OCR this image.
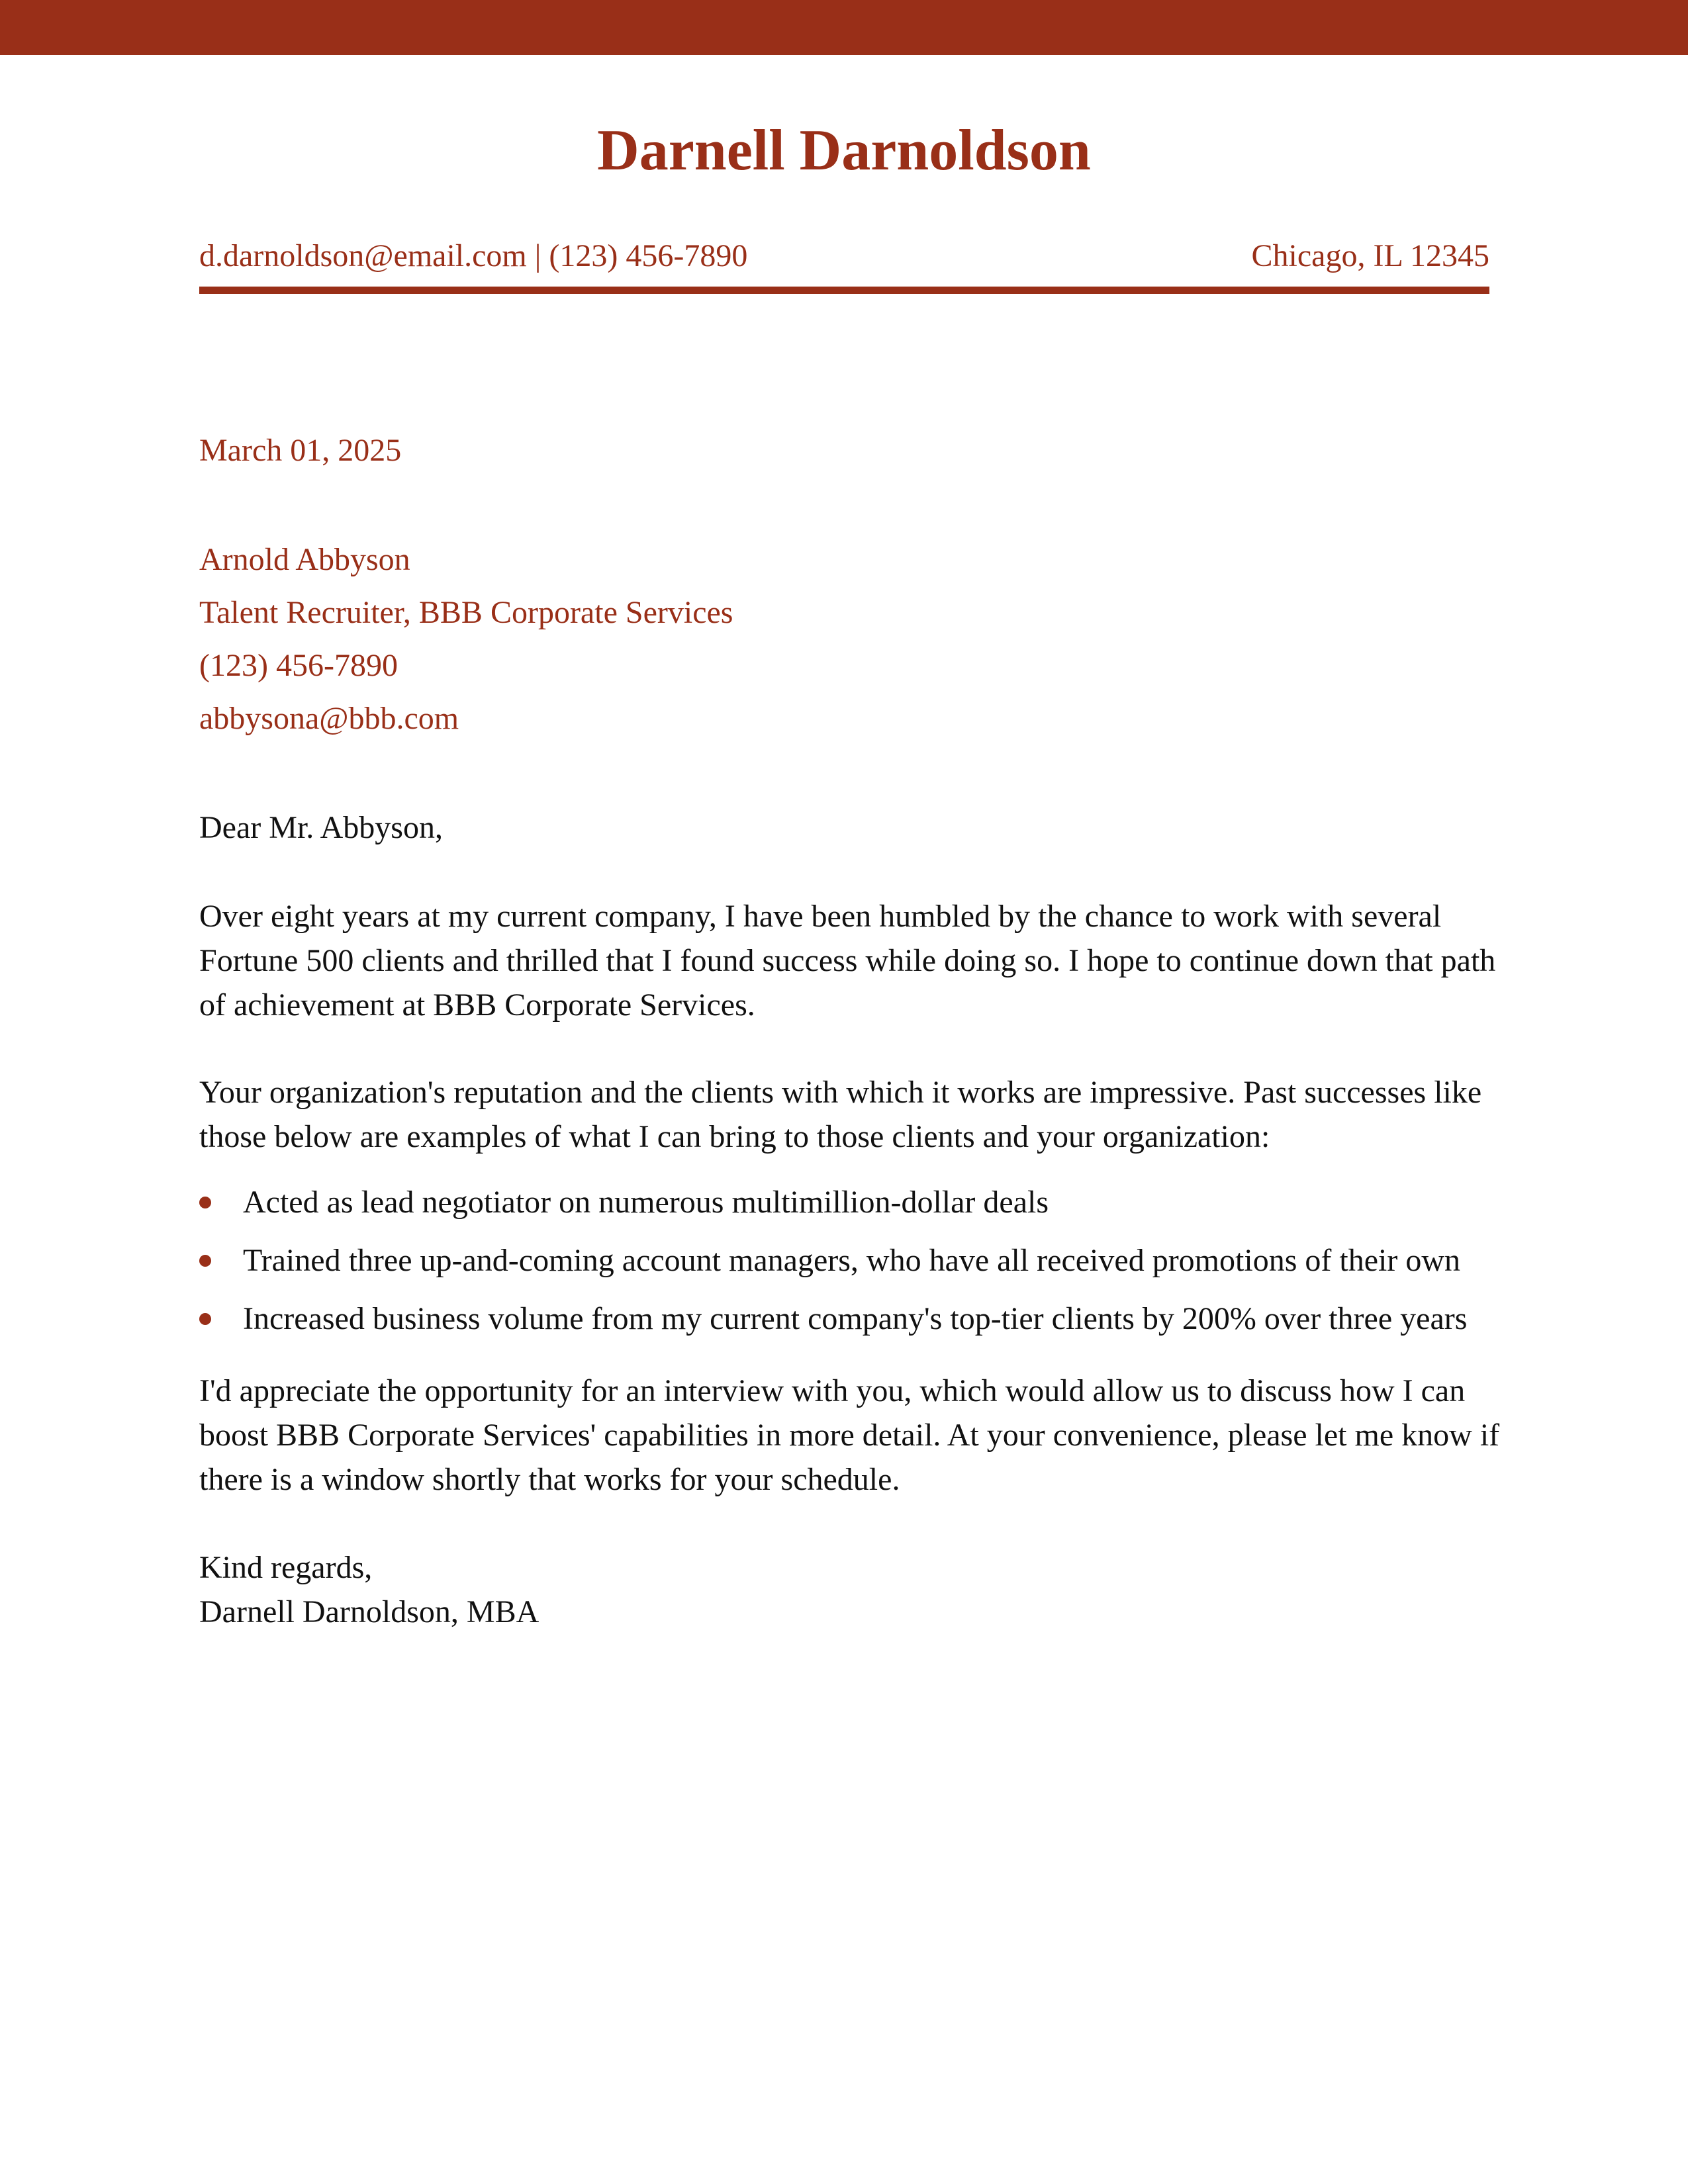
Darnell Darnoldson
d.darnoldson@email.com | (123) 456-7890	Chicago, IL 12345
March 01, 2025
Arnold Abbyson
Talent Recruiter, BBB Corporate Services
(123) 456-7890
abbysona@bbb.com
Dear Mr. Abbyson,
Over eight years at my current company, I have been humbled by the chance to work with several
Fortune 500 clients and thrilled that I found success while doing so. I hope to continue down that path
of achievement at BBB Corporate Services.
Your organization's reputation and the clients with which it works are impressive. Past successes like
those below are examples of what I can bring to those clients and your organization:
Acted as lead negotiator on numerous multimillion-dollar deals
Trained three up-and-coming account managers, who have all received promotions of their own
Increased business volume from my current company's top-tier clients by 200% over three years
I'd appreciate the opportunity for an interview with you, which would allow us to discuss how I can
boost BBB Corporate Services' capabilities in more detail. At your convenience, please let me know if
there is a window shortly that works for your schedule.
Kind regards,
Darnell Darnoldson, MBA
